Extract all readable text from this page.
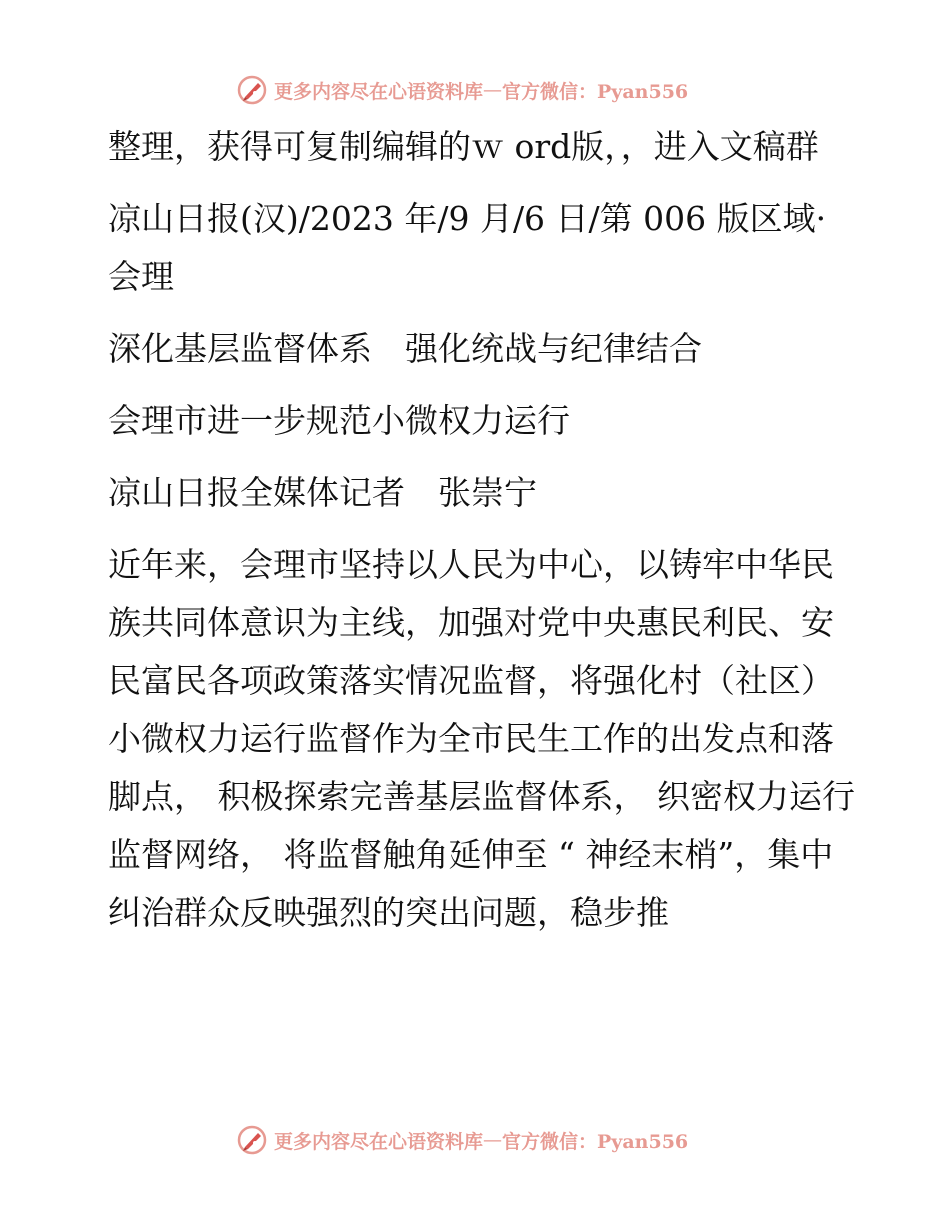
更多内容尽在心语资料库 — 官方微信：Pyan556

整理，获得可复制编辑的ｗ ord版，，进入文稿群

凉山日报(汉)/2023 年/9 月/6 日/第 006 版区域· 会理

深化基层监督体系　强化统战与纪律结合

会理市进一步规范小微权力运行

凉山日报全媒体记者　张崇宁

近年来，会理市坚持以人民为中心，以铸牢中华民族共同体意识为主线，加强对党中央惠民利民、安民富民各项政策落实情况监督，将强化村（社区）小微权力运行监督作为全市民生工作的出发点和落脚点， 积极探索完善基层监督体系， 织密权力运行监督网络， 将监督触角延伸至 “ 神经末梢”，集中纠治群众反映强烈的突出问题，稳步推

更多内容尽在心语资料库 — 官方微信：Pyan556
